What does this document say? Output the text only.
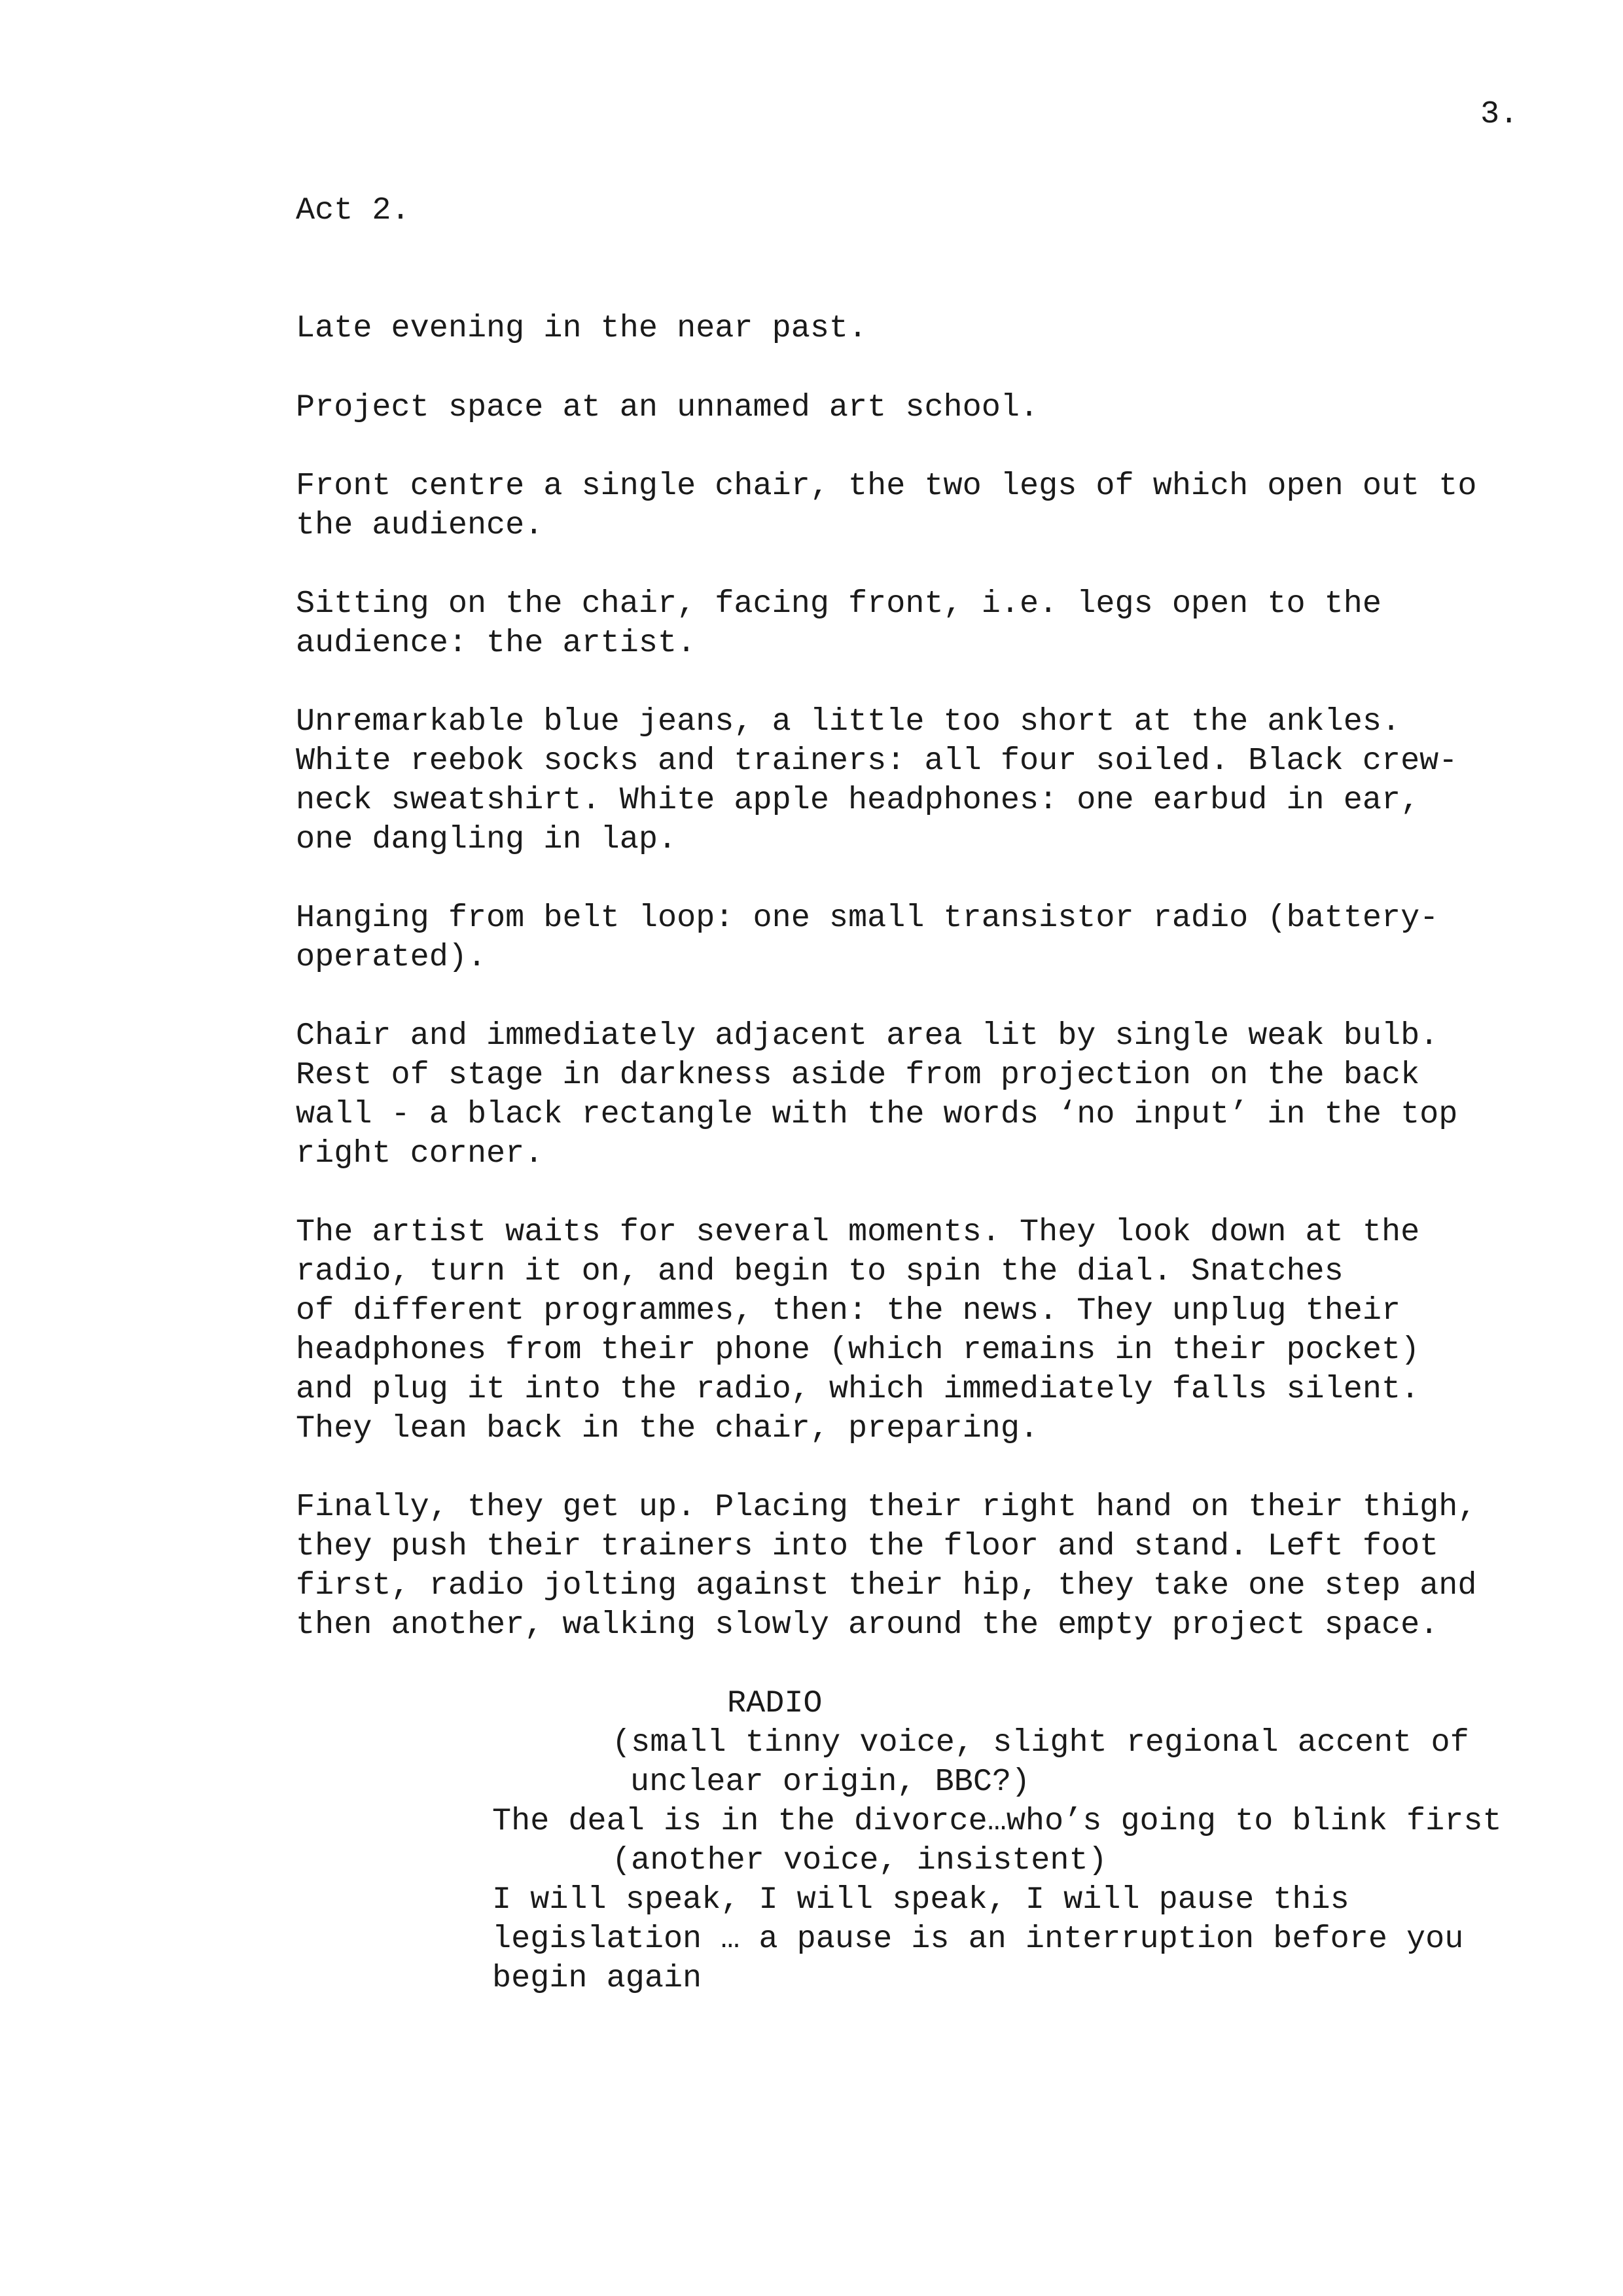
3.
Act 2.
Late evening in the near past.
Project space at an unnamed art school.
Front centre a single chair, the two legs of which open out to
the audience.
Sitting on the chair, facing front, i.e. legs open to the
audience: the artist.
Unremarkable blue jeans, a little too short at the ankles.
White reebok socks and trainers: all four soiled. Black crew-
neck sweatshirt. White apple headphones: one earbud in ear,
one dangling in lap.
Hanging from belt loop: one small transistor radio (battery-
operated).
Chair and immediately adjacent area lit by single weak bulb.
Rest of stage in darkness aside from projection on the back
wall - a black rectangle with the words ‘no input’ in the top
right corner.
The artist waits for several moments. They look down at the
radio, turn it on, and begin to spin the dial. Snatches
of different programmes, then: the news. They unplug their
headphones from their phone (which remains in their pocket)
and plug it into the radio, which immediately falls silent.
They lean back in the chair, preparing.
Finally, they get up. Placing their right hand on their thigh,
they push their trainers into the floor and stand. Left foot
first, radio jolting against their hip, they take one step and
then another, walking slowly around the empty project space.
RADIO
(small tinny voice, slight regional accent of
unclear origin, BBC?)
The deal is in the divorce…who’s going to blink first
(another voice, insistent)
I will speak, I will speak, I will pause this
legislation … a pause is an interruption before you
begin again
